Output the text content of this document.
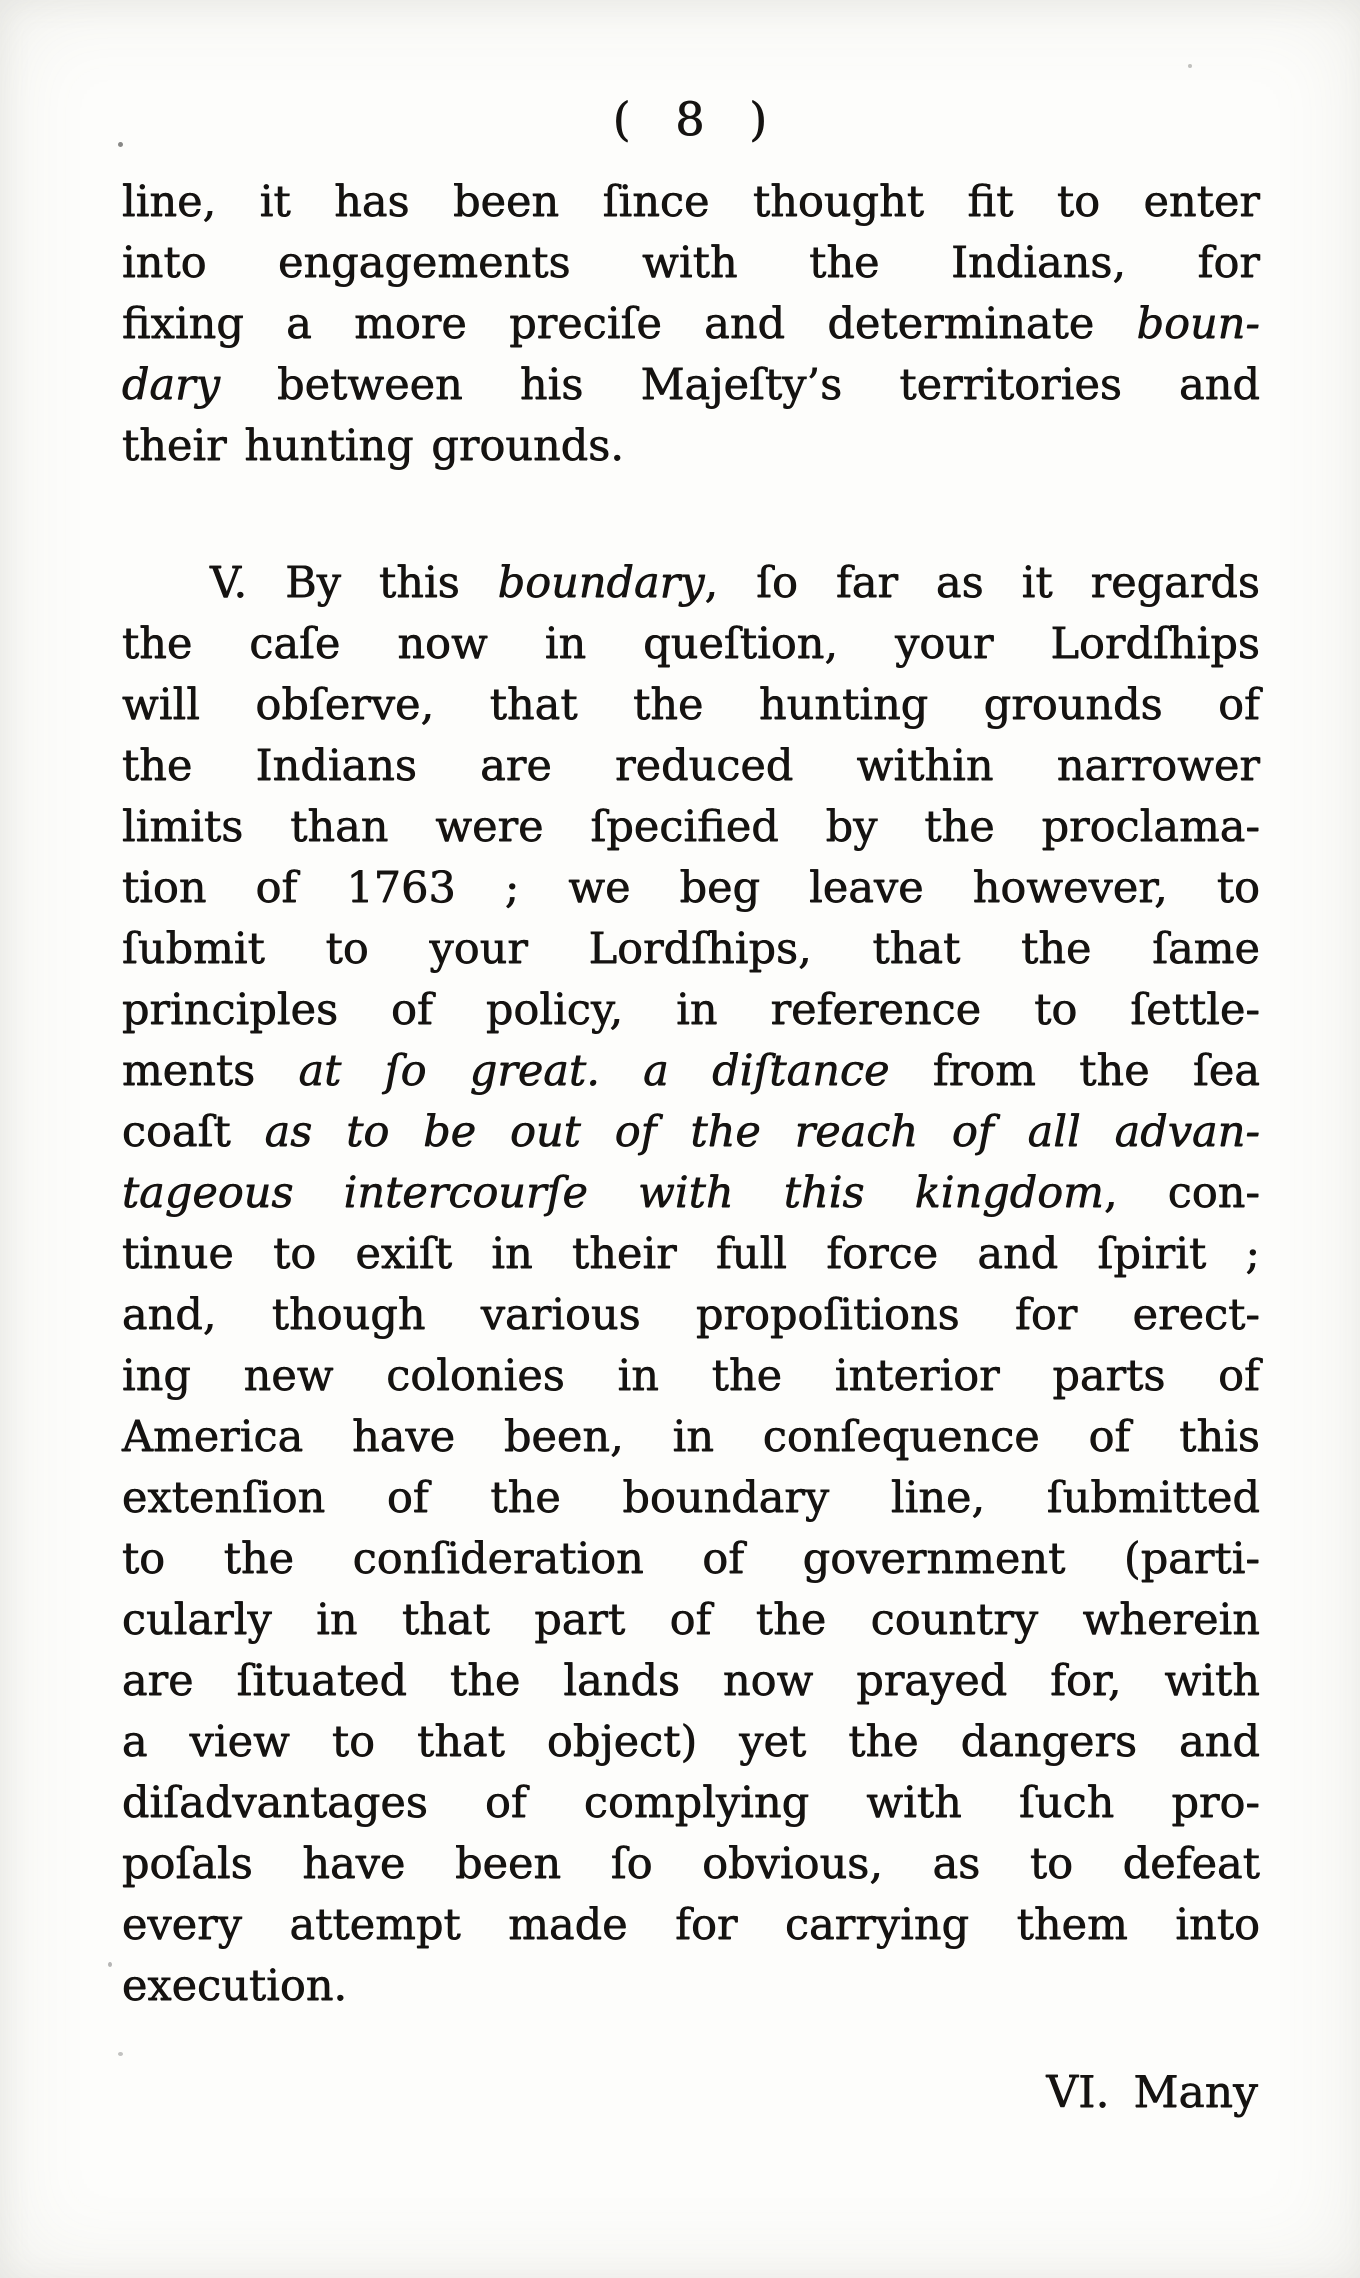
( 8 )
line, it has been ſince thought fit to enter
into engagements with the Indians, for
fixing a more preciſe and determinate boun-
dary between his Majeſty’s territories and
their hunting grounds.
V. By this boundary, ſo far as it regards
the caſe now in queſtion, your Lordſhips
will obſerve, that the hunting grounds of
the Indians are reduced within narrower
limits than were ſpecified by the proclama-
tion of 1763 ; we beg leave however, to
ſubmit to your Lordſhips, that the ſame
principles of policy, in reference to ſettle-
ments at ſo great. a diſtance from the ſea
coaſt as to be out of the reach of all advan-
tageous intercourſe with this kingdom, con-
tinue to exiſt in their full force and ſpirit ;
and, though various propoſitions for erect-
ing new colonies in the interior parts of
America have been, in conſequence of this
extenſion of the boundary line, ſubmitted
to the conſideration of government (parti-
cularly in that part of the country wherein
are ſituated the lands now prayed for, with
a view to that object) yet the dangers and
diſadvantages of complying with ſuch pro-
poſals have been ſo obvious, as to defeat
every attempt made for carrying them into
execution.
VI. Many
